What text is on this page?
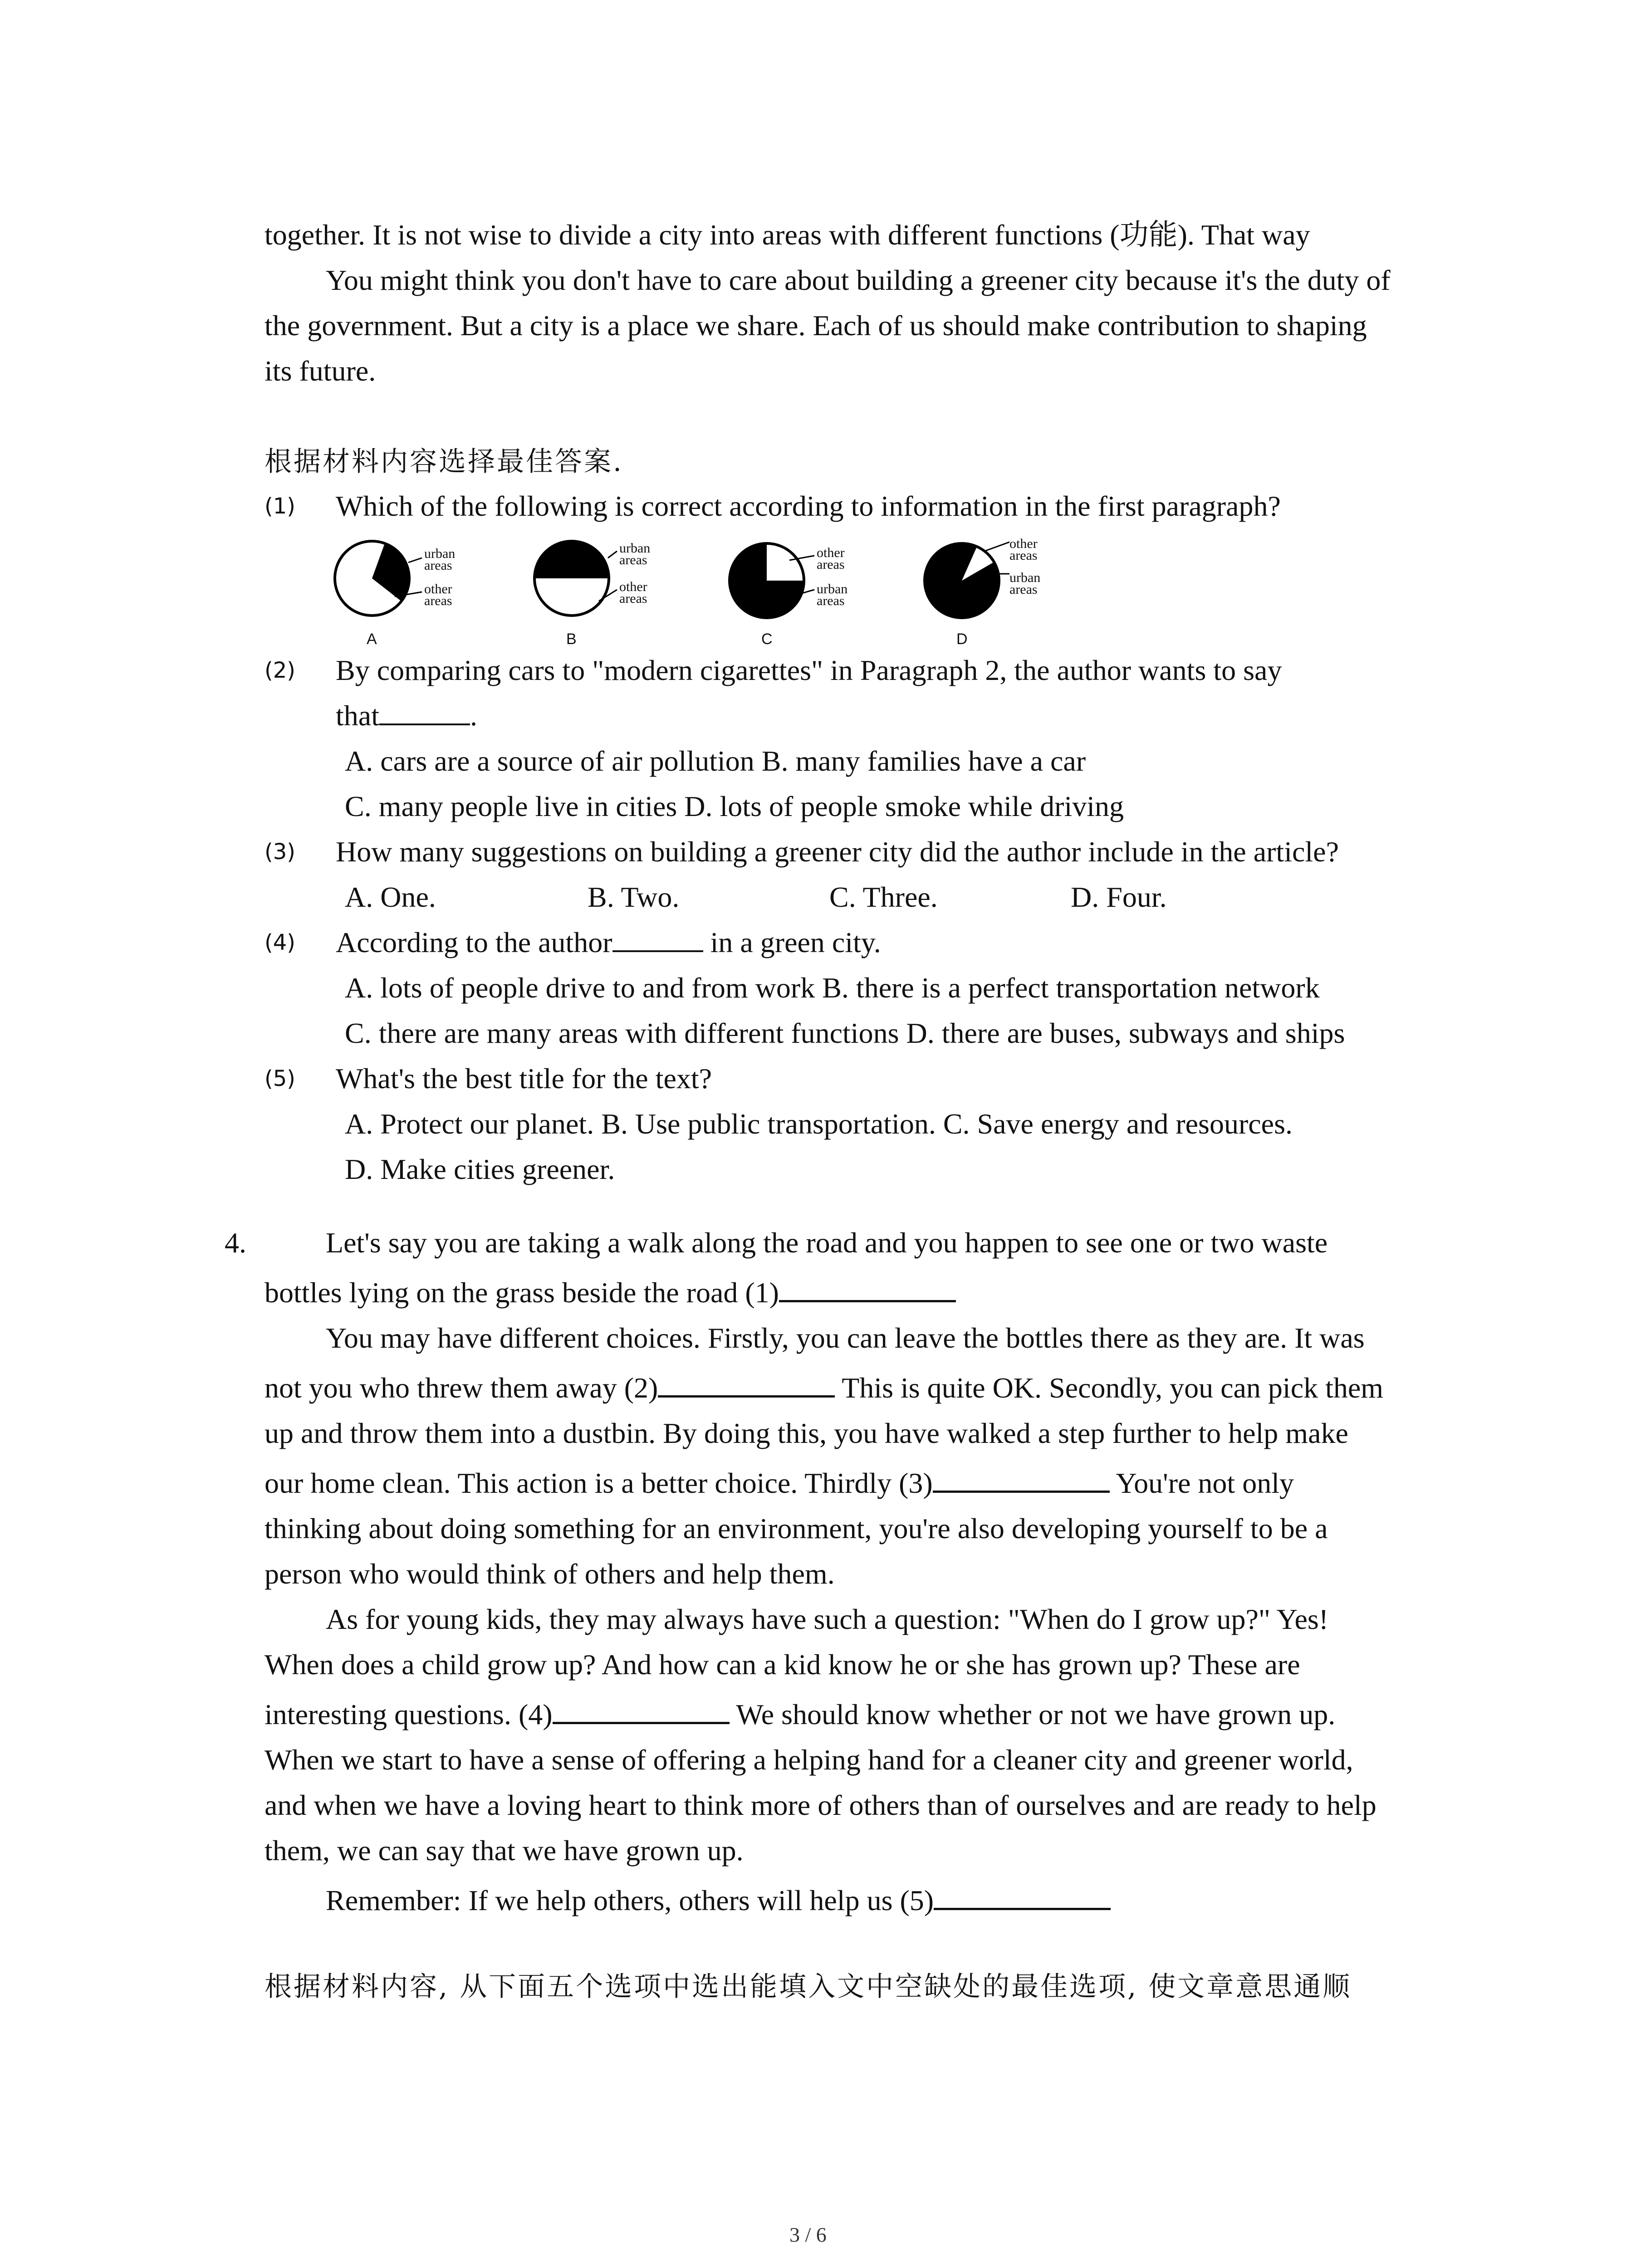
together. It is not wise to divide a city into areas with different functions (功能). That way
You might think you don't have to care about building a greener city because it's the duty of
the government. But a city is a place we share. Each of us should make contribution to shaping
its future.
根据材料内容选择最佳答案.
(1) Which of the following is correct according to information in the first paragraph?
urban
areas
other
areas
A
urban
areas
other
areas
B
other
areas
urban
areas
C
other
areas
urban
areas
D
(2) By comparing cars to "modern cigarettes" in Paragraph 2, the author wants to say
that	.
A. cars are a source of air pollution B. many families have a car
C. many people live in cities D. lots of people smoke while driving
(3) How many suggestions on building a greener city did the author include in the article?
A. One.	B. Two.	C. Three.	D. Four.
(4) According to the author	in a green city.
A. lots of people drive to and from work B. there is a perfect transportation network
C. there are many areas with different functions D. there are buses, subways and ships
(5) What's the best title for the text?
A. Protect our planet. B. Use public transportation. C. Save energy and resources.
D. Make cities greener.
4.	Let's say you are taking a walk along the road and you happen to see one or two waste
bottles lying on the grass beside the road (1)
You may have different choices. Firstly, you can leave the bottles there as they are. It was
not you who threw them away (2)	This is quite OK. Secondly, you can pick them
up and throw them into a dustbin. By doing this, you have walked a step further to help make
our home clean. This action is a better choice. Thirdly (3)	You're not only
thinking about doing something for an environment, you're also developing yourself to be a
person who would think of others and help them.
As for young kids, they may always have such a question: "When do I grow up?" Yes!
When does a child grow up? And how can a kid know he or she has grown up? These are
interesting questions. (4)	We should know whether or not we have grown up.
When we start to have a sense of offering a helping hand for a cleaner city and greener world,
and when we have a loving heart to think more of others than of ourselves and are ready to help
them, we can say that we have grown up.
Remember: If we help others, others will help us (5)
根据材料内容, 从下面五个选项中选出能填入文中空缺处的最佳选项, 使文章意思通顺
3 / 6
